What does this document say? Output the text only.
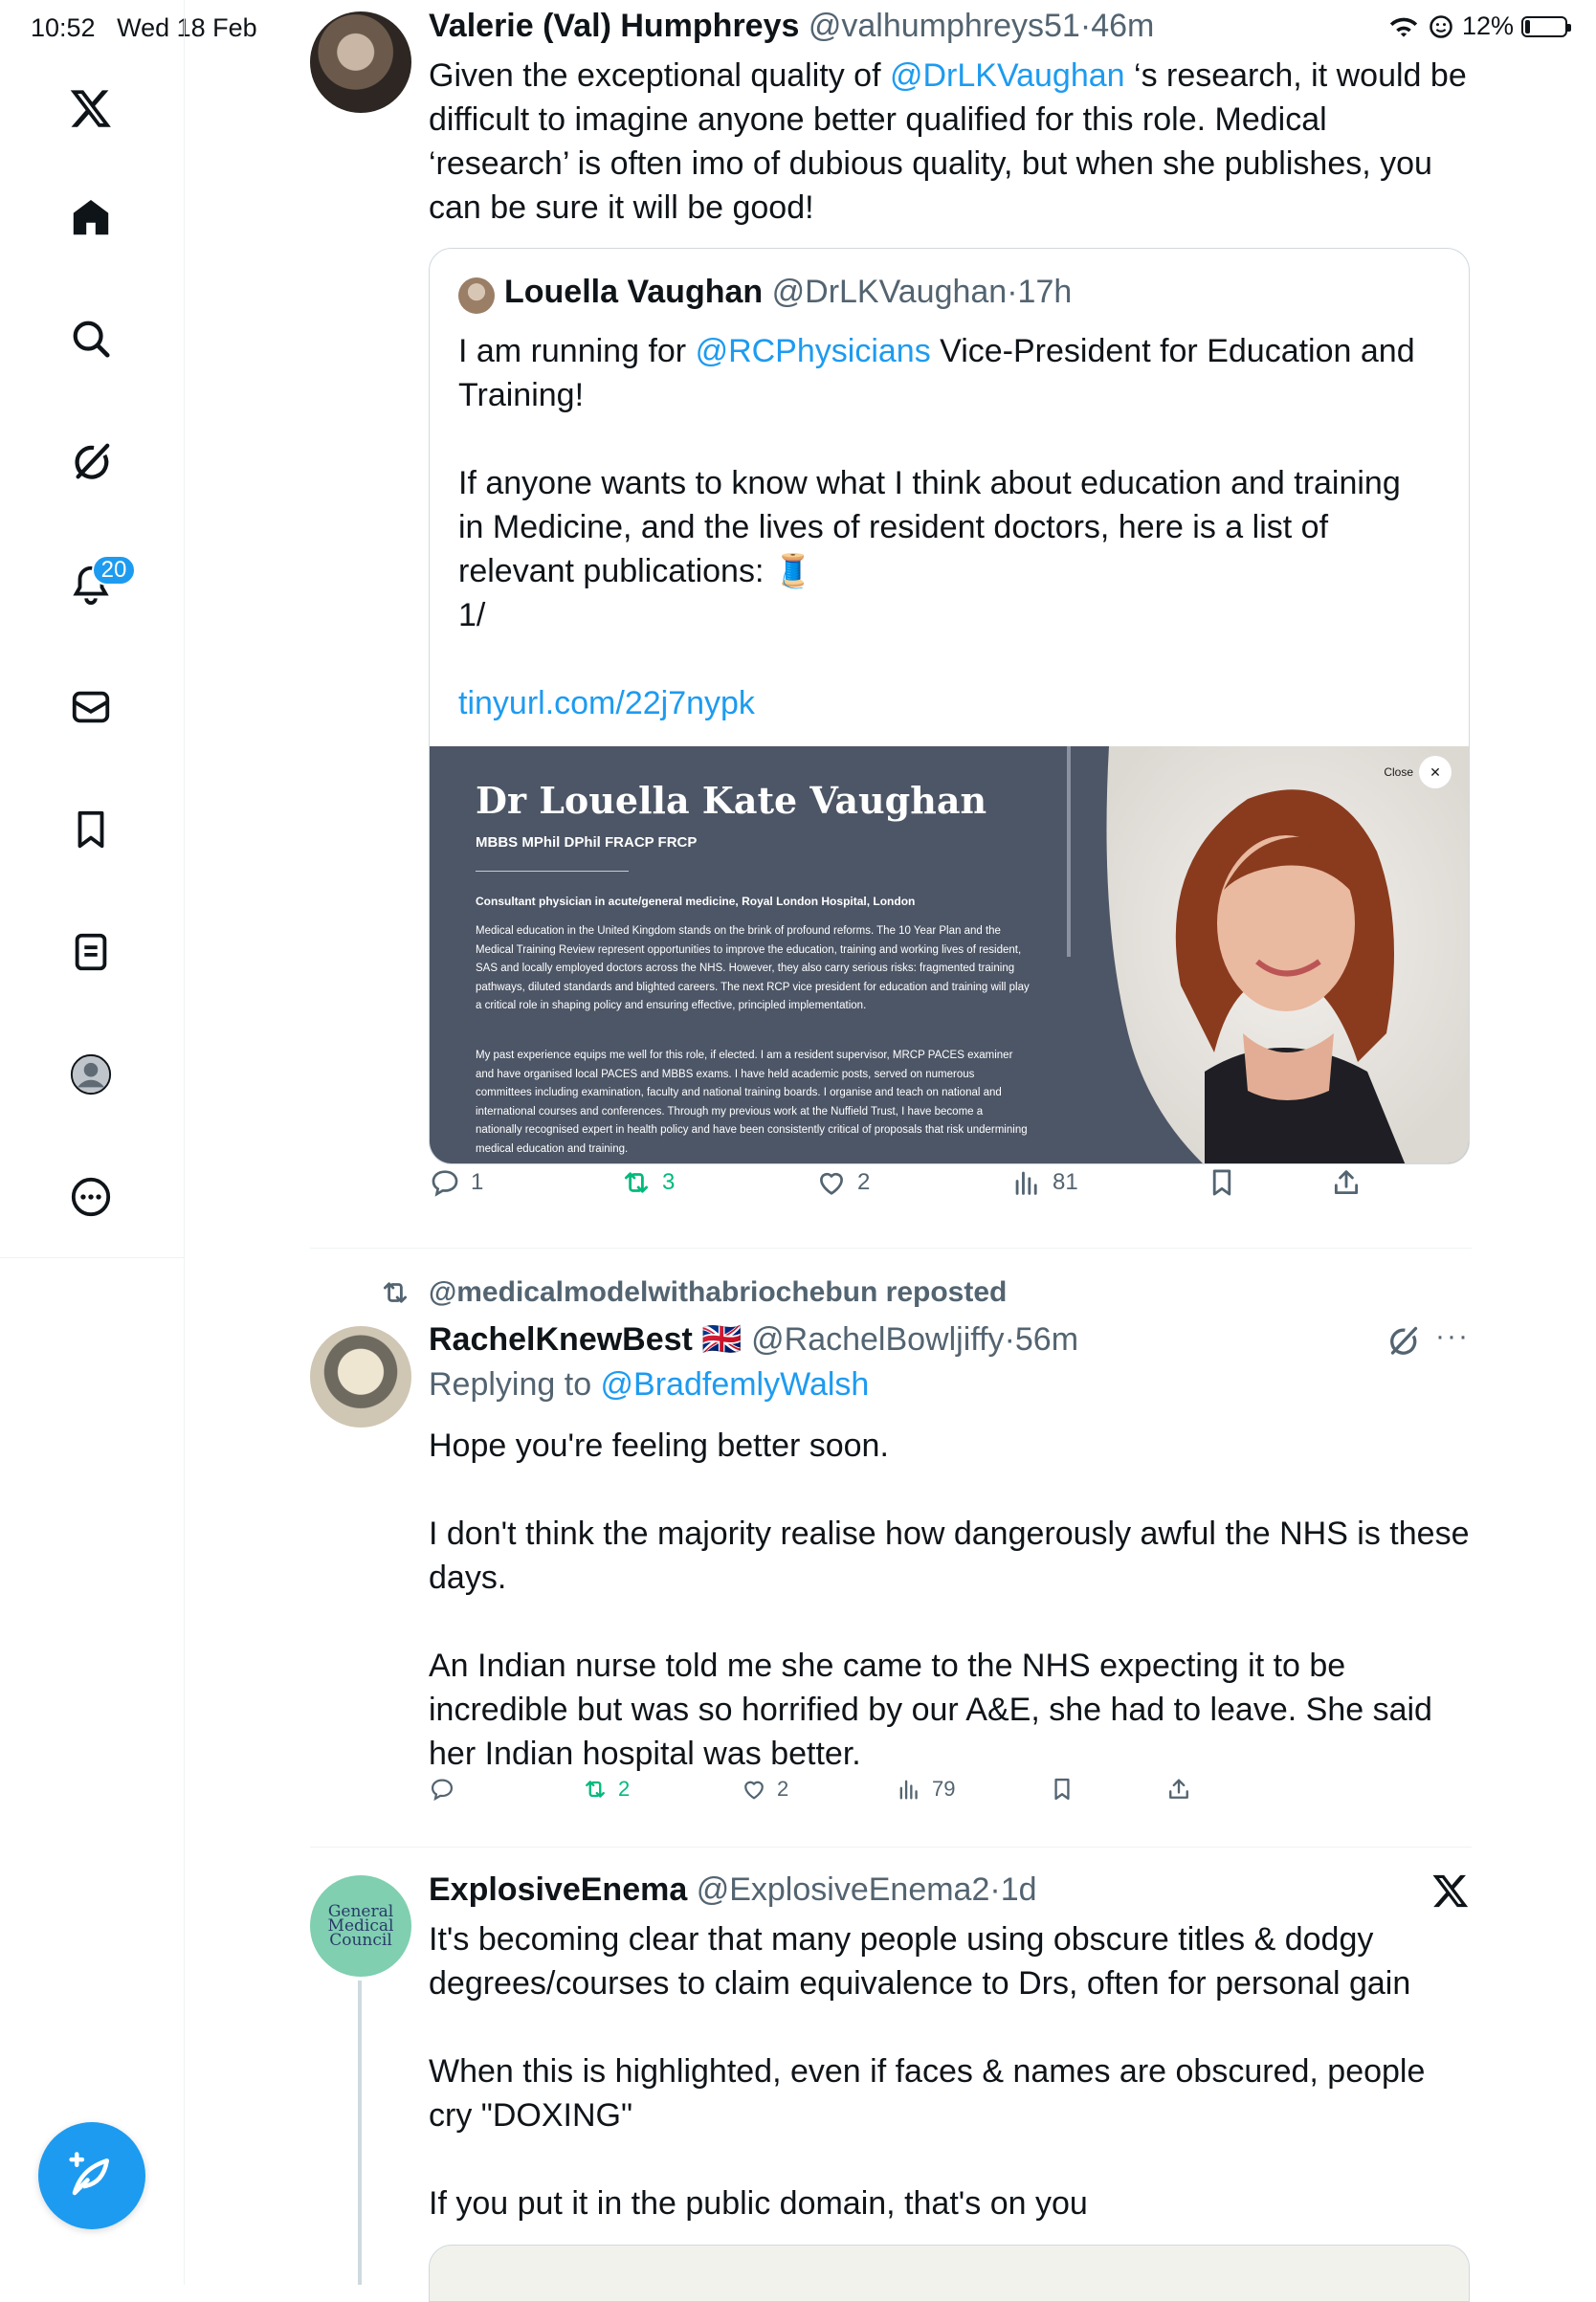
10:52 Wed 18 Feb	12%
20
Valerie (Val) Humphreys @valhumphreys51·46m
Given the exceptional quality of @DrLKVaughan ‘s research, it would be difficult to imagine anyone better qualified for this role. Medical ‘research’ is often imo of dubious quality, but when she publishes, you can be sure it will be good!
Louella Vaughan @DrLKVaughan·17h
I am running for @RCPhysicians Vice-President for Education and Training!
If anyone wants to know what I think about education and training in Medicine, and the lives of resident doctors, here is a list of relevant publications: 🧵
1/
tinyurl.com/22j7nypk
Dr Louella Kate Vaughan
MBBS MPhil DPhil FRACP FRCP
Consultant physician in acute/general medicine, Royal London Hospital, London
Medical education in the United Kingdom stands on the brink of profound reforms. The 10 Year Plan and the Medical Training Review represent opportunities to improve the education, training and working lives of resident, SAS and locally employed doctors across the NHS. However, they also carry serious risks: fragmented training pathways, diluted standards and blighted careers. The next RCP vice president for education and training will play a critical role in shaping policy and ensuring effective, principled implementation.
My past experience equips me well for this role, if elected. I am a resident supervisor, MRCP PACES examiner and have organised local PACES and MBBS exams. I have held academic posts, served on numerous committees including examination, faculty and national training boards. I organise and teach on national and international courses and conferences. Through my previous work at the Nuffield Trust, I have become a nationally recognised expert in health policy and have been consistently critical of proposals that risk undermining medical education and training.
Close	✕
1	3	2	81
@medicalmodelwithabriochebun reposted
RachelKnewBest 🇬🇧 @RachelBowljiffy·56m	···
Replying to @BradfemlyWalsh
Hope you're feeling better soon.
I don't think the majority realise how dangerously awful the NHS is these days.
An Indian nurse told me she came to the NHS expecting it to be incredible but was so horrified by our A&E, she had to leave. She said her Indian hospital was better.
2	2	79
General Medical Council
ExplosiveEnema @ExplosiveEnema2·1d
It's becoming clear that many people using obscure titles & dodgy degrees/courses to claim equivalence to Drs, often for personal gain
When this is highlighted, even if faces & names are obscured, people cry "DOXING"
If you put it in the public domain, that's on you
